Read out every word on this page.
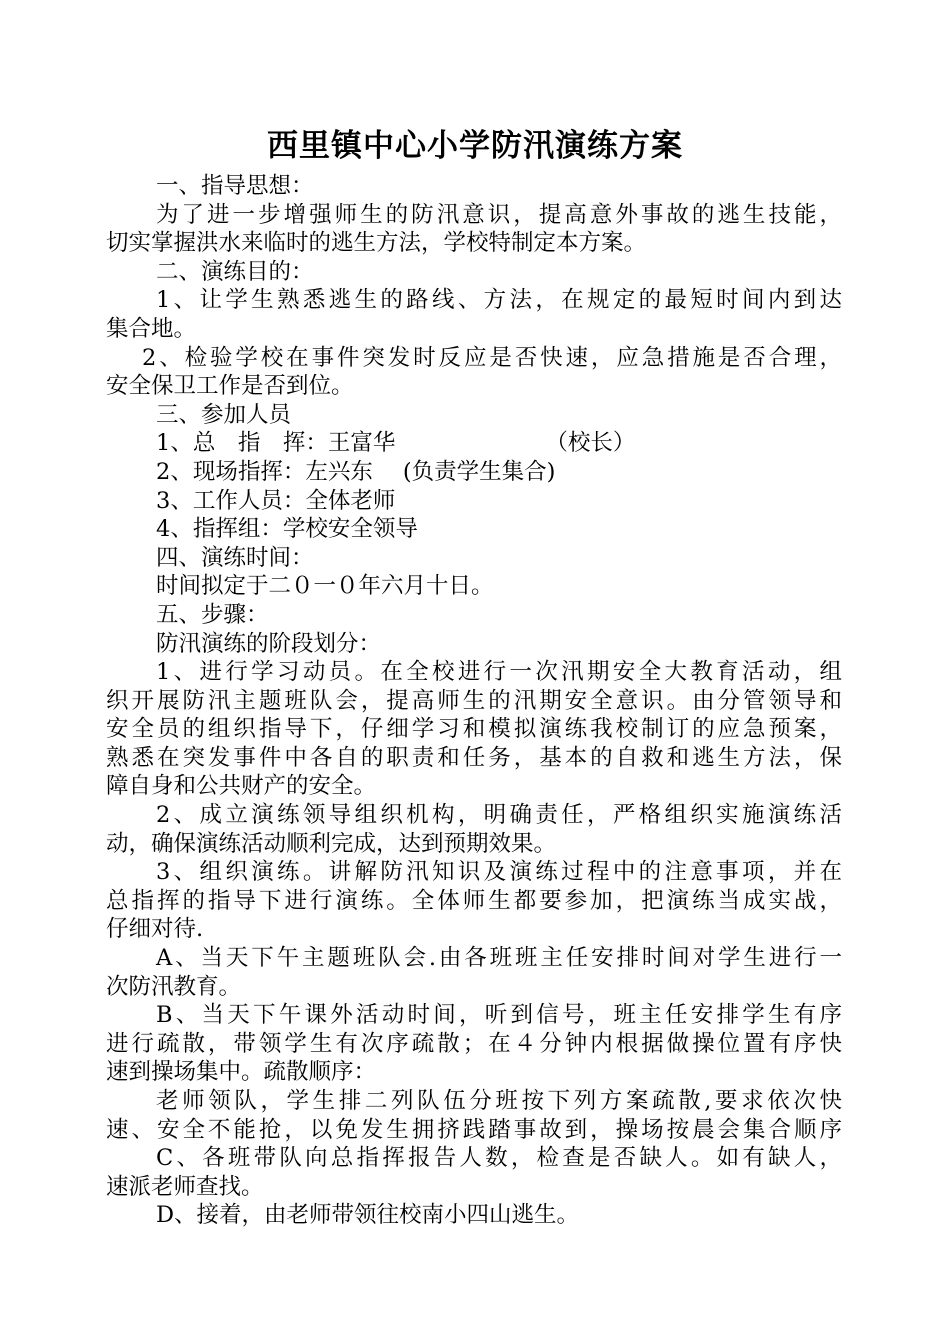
西里镇中心小学防汛演练方案
一、指导思想：
为了进一步增强师生的防汛意识，提高意外事故的逃生技能，
切实掌握洪水来临时的逃生方法，学校特制定本方案。
二、演练目的：
1、让学生熟悉逃生的路线、方法，在规定的最短时间内到达
集合地。
2、检验学校在事件突发时反应是否快速，应急措施是否合理，
安全保卫工作是否到位。
三、参加人员
1、总　指　挥：王富华	（校长）
2、现场指挥：左兴东 (负责学生集合)
3、工作人员：全体老师
4、指挥组：学校安全领导
四、演练时间：
时间拟定于二０一０年六月十日。
五、步骤：
防汛演练的阶段划分：
1、进行学习动员。在全校进行一次汛期安全大教育活动，组
织开展防汛主题班队会，提高师生的汛期安全意识。由分管领导和
安全员的组织指导下，仔细学习和模拟演练我校制订的应急预案，
熟悉在突发事件中各自的职责和任务，基本的自救和逃生方法，保
障自身和公共财产的安全。
2、成立演练领导组织机构，明确责任，严格组织实施演练活
动，确保演练活动顺利完成，达到预期效果。
3、组织演练。讲解防汛知识及演练过程中的注意事项，并在
总指挥的指导下进行演练。全体师生都要参加，把演练当成实战，
仔细对待.
A、当天下午主题班队会.由各班班主任安排时间对学生进行一
次防汛教育。
B、当天下午课外活动时间，听到信号，班主任安排学生有序
进行疏散，带领学生有次序疏散；在４分钟内根据做操位置有序快
速到操场集中。疏散顺序：
老师领队，学生排二列队伍分班按下列方案疏散,要求依次快
速、安全不能抢，以免发生拥挤践踏事故到，操场按晨会集合顺序
C、各班带队向总指挥报告人数，检查是否缺人。如有缺人，
速派老师查找。
D、接着，由老师带领往校南小四山逃生。
